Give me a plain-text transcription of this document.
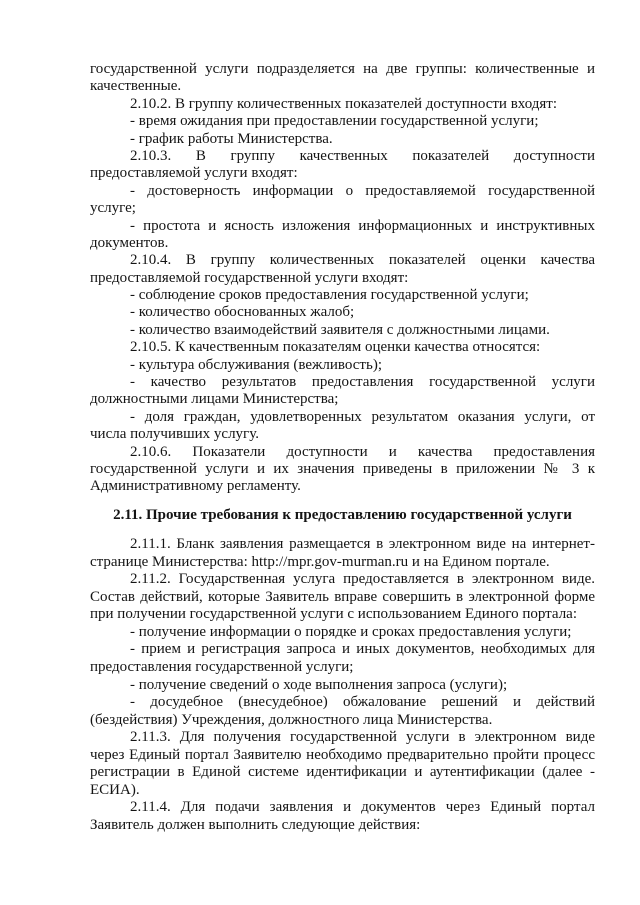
государственной услуги подразделяется на две группы: количественные и
качественные.
2.10.2. В группу количественных показателей доступности входят:
- время ожидания при предоставлении государственной услуги;
- график работы Министерства.
2.10.3. В группу качественных показателей доступности
предоставляемой услуги входят:
- достоверность информации о предоставляемой государственной
услуге;
- простота и ясность изложения информационных и инструктивных
документов.
2.10.4. В группу количественных показателей оценки качества
предоставляемой государственной услуги входят:
- соблюдение сроков предоставления государственной услуги;
- количество обоснованных жалоб;
- количество взаимодействий заявителя с должностными лицами.
2.10.5. К качественным показателям оценки качества относятся:
- культура обслуживания (вежливость);
- качество результатов предоставления государственной услуги
должностными лицами Министерства;
- доля граждан, удовлетворенных результатом оказания услуги, от
числа получивших услугу.
2.10.6. Показатели доступности и качества предоставления
государственной услуги и их значения приведены в приложении № 3 к
Административному регламенту.
2.11. Прочие требования к предоставлению государственной услуги
2.11.1. Бланк заявления размещается в электронном виде на интернет-
странице Министерства: http://mpr.gov-murman.ru и на Едином портале.
2.11.2. Государственная услуга предоставляется в электронном виде.
Состав действий, которые Заявитель вправе совершить в электронной форме
при получении государственной услуги с использованием Единого портала:
- получение информации о порядке и сроках предоставления услуги;
- прием и регистрация запроса и иных документов, необходимых для
предоставления государственной услуги;
- получение сведений о ходе выполнения запроса (услуги);
- досудебное (внесудебное) обжалование решений и действий
(бездействия) Учреждения, должностного лица Министерства.
2.11.3. Для получения государственной услуги в электронном виде
через Единый портал Заявителю необходимо предварительно пройти процесс
регистрации в Единой системе идентификации и аутентификации (далее -
ЕСИА).
2.11.4. Для подачи заявления и документов через Единый портал
Заявитель должен выполнить следующие действия:
